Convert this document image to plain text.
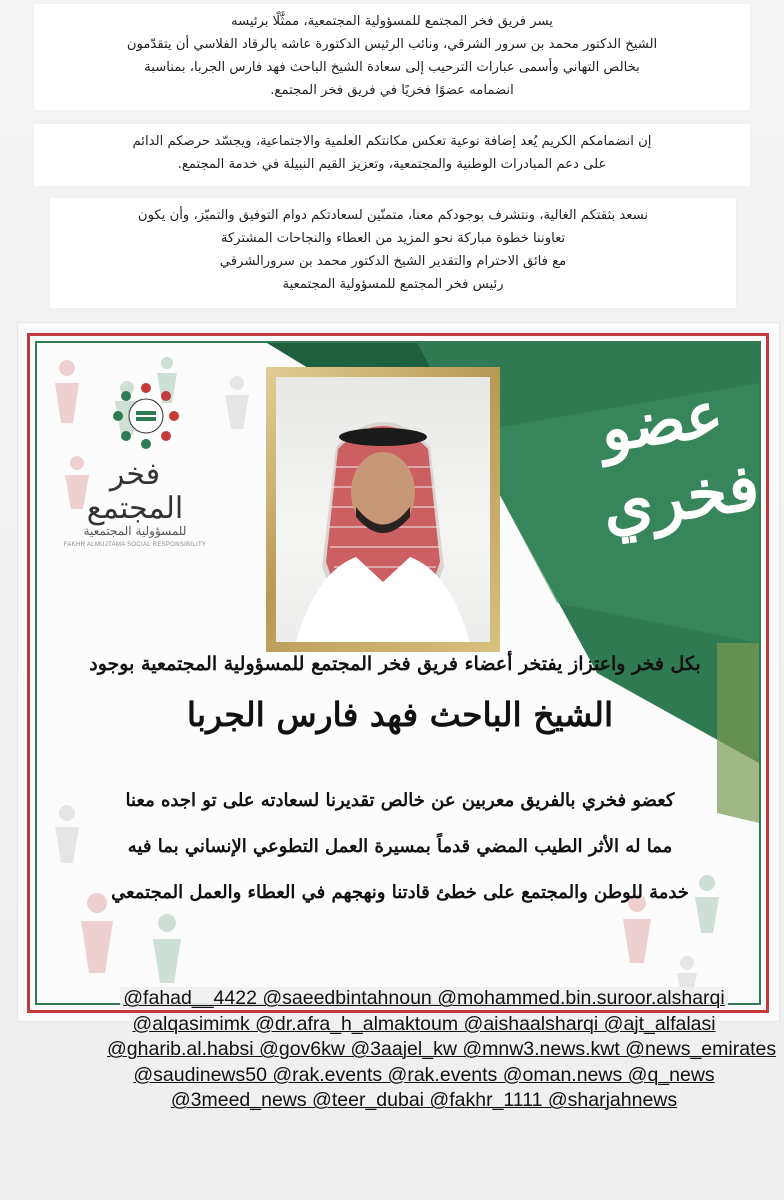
يسر فريق فخر المجتمع للمسؤولية المجتمعية، ممثَّلًا برئيسه

الشيخ الدكتور محمد بن سرور الشرقي، ونائب الرئيس الدكتورة عاشه بالرقاد الفلاسي أن يتقدّمون

بخالص التهاني وأسمى عبارات الترحيب إلى سعادة الشيخ الباحث فهد فارس الجربا، بمناسبة

انضمامه عضوًا فخريًا في فريق فخر المجتمع.

إن انضمامكم الكريم يُعد إضافة نوعية تعكس مكانتكم العلمية والاجتماعية، ويجسّد حرصكم الدائم

على دعم المبادرات الوطنية والمجتمعية، وتعزيز القيم النبيلة في خدمة المجتمع.

نسعد بثقتكم الغالية، ونتشرف بوجودكم معنا، متمنّين لسعادتكم دوام التوفيق والتميّز، وأن يكون

تعاوننا خطوة مباركة نحو المزيد من العطاء والنجاحات المشتركة

مع فائق الاحترام والتقدير الشيخ الدكتور محمد بن سرورالشرقي

رئيس فخر المجتمع للمسؤولية المجتمعية

فخر المجتمع
للمسؤولية المجتمعية
FAKHR ALMUJTAMA SOCIAL RESPONSIBILITY
عضو
فخري
بكل فخر واعتزاز يفتخر أعضاء فريق فخر المجتمع للمسؤولية المجتمعية بوجود
الشيخ الباحث فهد فارس الجربا
كعضو فخري بالفريق معربين عن خالص تقديرنا لسعادته على تو اجده معنا
مما له الأثر الطيب المضي قدماً بمسيرة العمل التطوعي الإنساني بما فيه
خدمة للوطن والمجتمع على خطئ قادتنا ونهجهم في العطاء والعمل المجتمعي
@fahad__4422 @saeedbintahnoun @mohammed.bin.suroor.alsharqi
@alqasimimk @dr.afra_h_almaktoum @aishaalsharqi @ajt_alfalasi
@gharib.al.habsi @gov6kw @3aajel_kw @mnw3.news.kwt @news_emirates
@saudinews50 @rak.events @rak.events @oman.news @q_news
@3meed_news @teer_dubai @fakhr_1111 @sharjahnews
